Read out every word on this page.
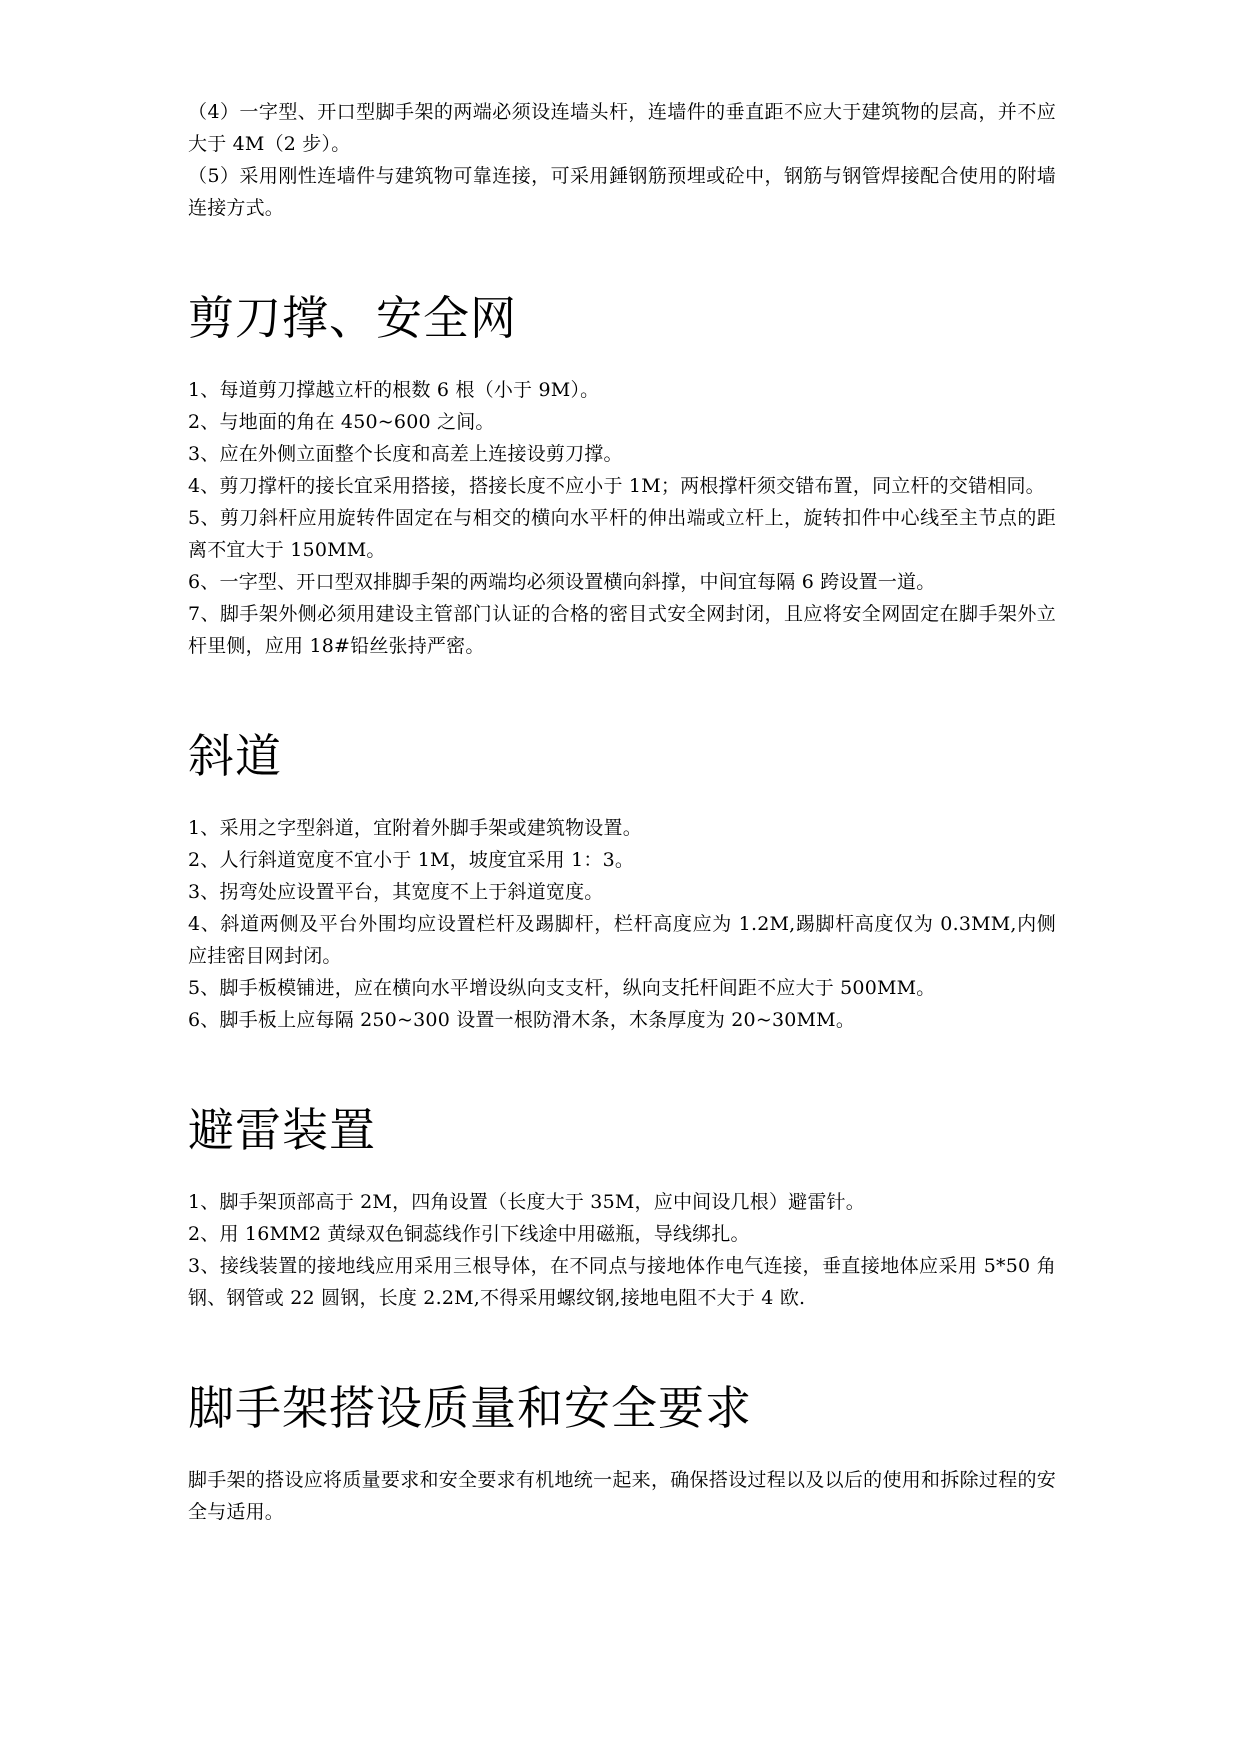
（4）一字型、开口型脚手架的两端必须设连墙头杆，连墙件的垂直距不应大于建筑物的层高，并不应大于 4M（2 步）。

（5）采用刚性连墙件与建筑物可靠连接，可采用錘钢筋预埋或砼中，钢筋与钢管焊接配合使用的附墙连接方式。

剪刀撑、安全网

1、每道剪刀撑越立杆的根数 6 根（小于 9M）。

2、与地面的角在 450~600 之间。

3、应在外侧立面整个长度和高差上连接设剪刀撑。

4、剪刀撑杆的接长宜采用搭接，搭接长度不应小于 1M；两根撑杆须交错布置，同立杆的交错相同。

5、剪刀斜杆应用旋转件固定在与相交的横向水平杆的伸出端或立杆上，旋转扣件中心线至主节点的距离不宜大于 150MM。

6、一字型、开口型双排脚手架的两端均必须设置横向斜撑，中间宜每隔 6 跨设置一道。

7、脚手架外侧必须用建设主管部门认证的合格的密目式安全网封闭，且应将安全网固定在脚手架外立杆里侧，应用 18#铅丝张持严密。

斜道

1、采用之字型斜道，宜附着外脚手架或建筑物设置。

2、人行斜道宽度不宜小于 1M，坡度宜采用 1：3。

3、拐弯处应设置平台，其宽度不上于斜道宽度。

4、斜道两侧及平台外围均应设置栏杆及踢脚杆，栏杆高度应为 1.2M,踢脚杆高度仅为 0.3MM,内侧应挂密目网封闭。

5、脚手板模铺进，应在横向水平增设纵向支支杆，纵向支托杆间距不应大于 500MM。

6、脚手板上应每隔 250~300 设置一根防滑木条，木条厚度为 20~30MM。

避雷装置

1、脚手架顶部高于 2M，四角设置（长度大于 35M，应中间设几根）避雷针。

2、用 16MM2 黄绿双色铜蕊线作引下线途中用磁瓶，导线绑扎。

3、接线装置的接地线应用采用三根导体，在不同点与接地体作电气连接，垂直接地体应采用 5*50 角钢、钢管或 22 圆钢，长度 2.2M,不得采用螺纹钢,接地电阻不大于 4 欧.

脚手架搭设质量和安全要求

脚手架的搭设应将质量要求和安全要求有机地统一起来，确保搭设过程以及以后的使用和拆除过程的安全与适用。
